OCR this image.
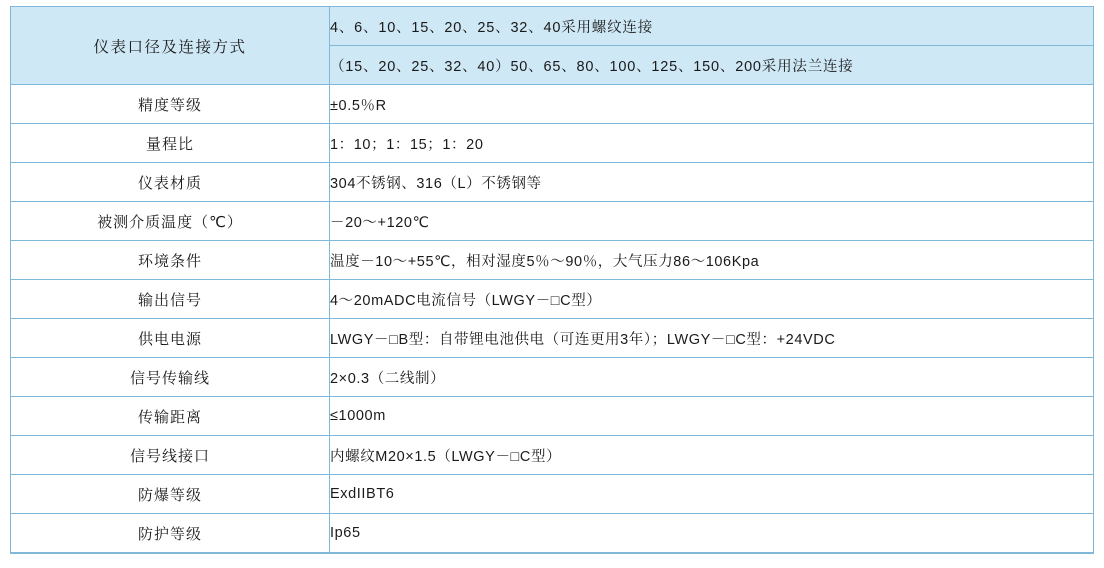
仪表口径及连接方式	4、6、10、15、20、25、32、40采用螺纹连接
	（15、20、25、32、40）50、65、80、100、125、150、200采用法兰连接
精度等级	±0.5％R
量程比	1：10；1：15；1：20
仪表材质	304不锈钢、316（L）不锈钢等
被测介质温度（℃）	－20～+120℃
环境条件	温度－10～+55℃，相对湿度5％～90％，大气压力86～106Kpa
输出信号	4～20mADC电流信号（LWGY－□C型）
供电电源	LWGY－□B型：自带锂电池供电（可连更用3年）；LWGY－□C型：+24VDC
信号传输线	2×0.3（二线制）
传输距离	≤1000m
信号线接口	内螺纹M20×1.5（LWGY－□C型）
防爆等级	ExdIIBT6
防护等级	Ip65
